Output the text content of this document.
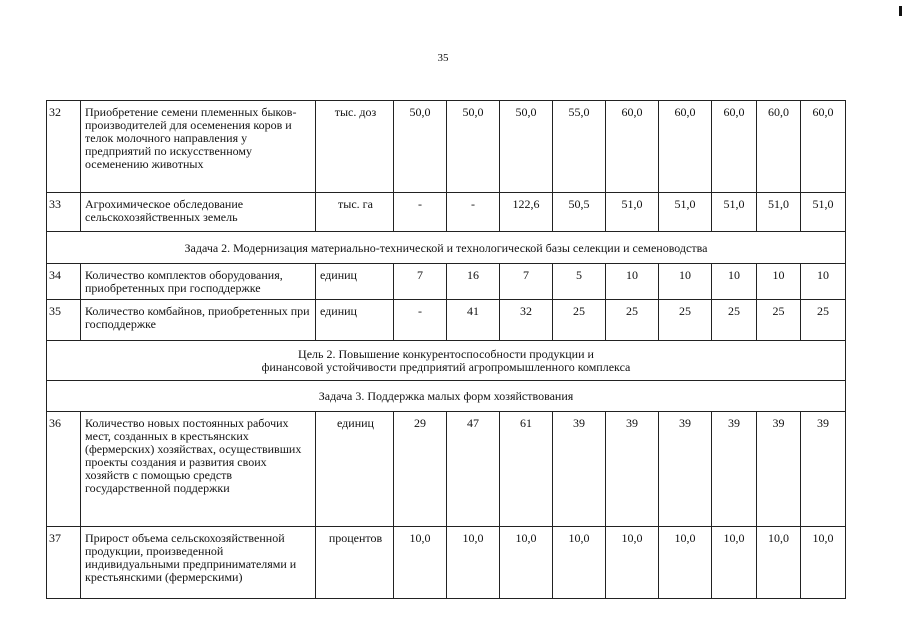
35
32	Приобретение семени племенных быков-производителей для осеменения коров и телок молочного направления у предприятий по искусственному осеменению животных	тыс. доз	50,0	50,0	50,0	55,0	60,0	60,0	60,0	60,0	60,0
33	Агрохимическое обследование сельскохозяйственных земель	тыс. га	-	-	122,6	50,5	51,0	51,0	51,0	51,0	51,0
Задача 2. Модернизация материально-технической и технологической базы селекции и семеноводства											
34	Количество комплектов оборудования, приобретенных при господдержке	единиц	7	16	7	5	10	10	10	10	10
35	Количество комбайнов, приобретенных при господдержке	единиц	-	41	32	25	25	25	25	25	25

Цель 2. Повышение конкурентоспособности продукции и
финансовой устойчивости предприятий агропромышленного комплекса											

Задача 3. Поддержка малых форм хозяйствования											
36	Количество новых постоянных рабочих мест, созданных в крестьянских (фермерских) хозяйствах, осуществивших проекты создания и развития своих хозяйств с помощью средств государственной поддержки	единиц	29	47	61	39	39	39	39	39	39
37	Прирост объема сельскохозяйственной продукции, произведенной индивидуальными предпринимателями и крестьянскими (фермерскими)	процентов	10,0	10,0	10,0	10,0	10,0	10,0	10,0	10,0	10,0
